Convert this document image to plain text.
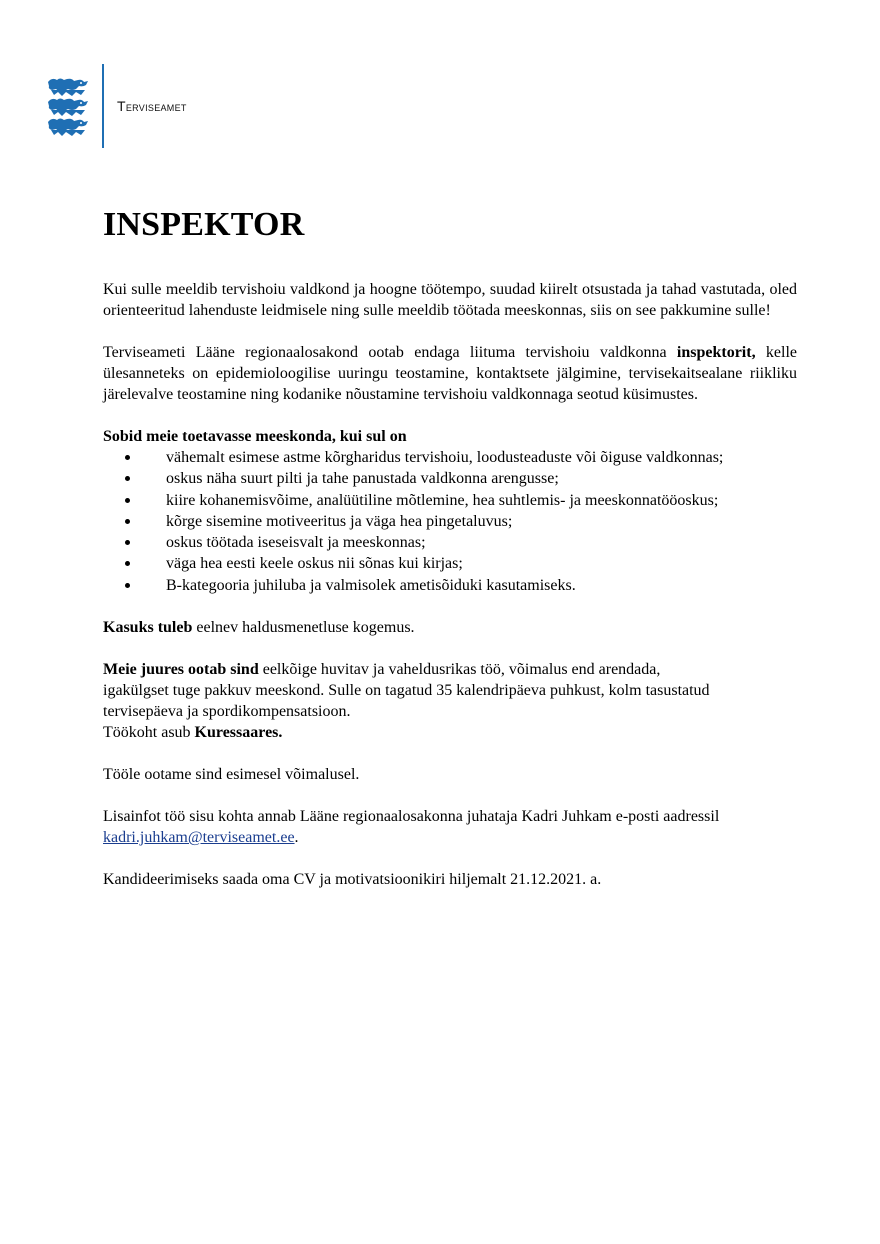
Terviseamet
INSPEKTOR

Kui sulle meeldib tervishoiu valdkond ja hoogne töötempo, suudad kiirelt otsustada ja tahad vastutada, oled orienteeritud lahenduste leidmisele ning sulle meeldib töötada meeskonnas, siis on see pakkumine sulle!

Terviseameti Lääne regionaalosakond ootab endaga liituma tervishoiu valdkonna inspektorit, kelle ülesanneteks on epidemioloogilise uuringu teostamine, kontaktsete jälgimine, tervisekaitsealane riikliku järelevalve teostamine ning kodanike nõustamine tervishoiu valdkonnaga seotud küsimustes.

Sobid meie toetavasse meeskonda, kui sul on

vähemalt esimese astme kõrgharidus tervishoiu, loodusteaduste või õiguse valdkonnas;
oskus näha suurt pilti ja tahe panustada valdkonna arengusse;
kiire kohanemisvõime, analüütiline mõtlemine, hea suhtlemis- ja meeskonnatööoskus;
kõrge sisemine motiveeritus ja väga hea pingetaluvus;
oskus töötada iseseisvalt ja meeskonnas;
väga hea eesti keele oskus nii sõnas kui kirjas;
B-kategooria juhiluba ja valmisolek ametisõiduki kasutamiseks.

Kasuks tuleb eelnev haldusmenetluse kogemus.

Meie juures ootab sind eelkõige huvitav ja vaheldusrikas töö, võimalus end arendada,
igakülgset tuge pakkuv meeskond. Sulle on tagatud 35 kalendripäeva puhkust, kolm tasustatud
tervisepäeva ja spordikompensatsioon.
Töökoht asub Kuressaares.

Tööle ootame sind esimesel võimalusel.

Lisainfot töö sisu kohta annab Lääne regionaalosakonna juhataja Kadri Juhkam e-posti aadressil
kadri.juhkam@terviseamet.ee.

Kandideerimiseks saada oma CV ja motivatsioonikiri hiljemalt 21.12.2021. a.
